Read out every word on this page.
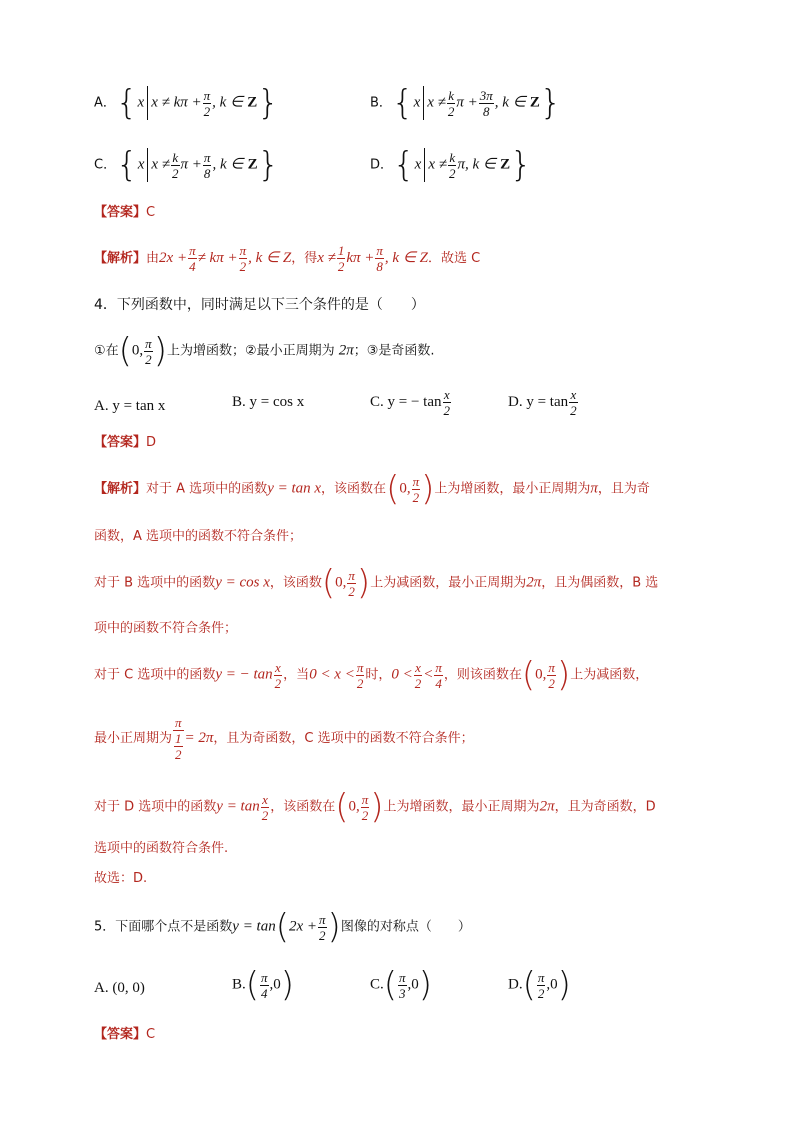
A．{x $x \ne k\pi + \frac{\pi}{2}$ , k ∈ Z}	B．{x $x \ne \frac{k}{2}$ $\pi + \frac{3\pi}{8}$ , k ∈ Z}
C．{x $x \ne \frac{k}{2}$ $\pi + \frac{\pi}{8}$ , k ∈ Z}	D．{x $x \ne \frac{k}{2} \pi$, k ∈ Z}
【答案】C
【解析】由$2x + \frac{\pi}{4} \ne k\pi + \frac{\pi}{2}$ , k ∈ Z，得$x \ne \frac{1}{2}$ $k\pi + \frac{\pi}{8}$ , k ∈ Z．故选 C
4．下列函数中，同时满足以下三个条件的是（　　）
①在(0, $\frac{\pi}{2}$ )上为增函数；②最小正周期为 2π；③是奇函数.
A. y = tan x	B. y = cos x	C. y = − $\tan \frac{x}{2}$	D. $y = \tan \frac{x}{2}$
【答案】D
【解析】对于 A 选项中的函数y = tan x，该函数在(0, $\frac{\pi}{2}$ )上为增函数，最小正周期为π，且为奇
函数，A 选项中的函数不符合条件；
对于 B 选项中的函数y = cos x，该函数(0, $\frac{\pi}{2}$ )上为减函数，最小正周期为2π，且为偶函数，B 选
项中的函数不符合条件；
对于 C 选项中的函数y = − $\tan \frac{x}{2}$ ，当$0 < x < \frac{\pi}{2}$ 时，$0 < \frac{x}{2} < \frac{\pi}{4}$ ，则该函数在(0, $\frac{\pi}{2}$ )上为减函数，
最小正周期为 $\frac{\pi}{\frac{1}{2}} = 2\pi$，且为奇函数，C 选项中的函数不符合条件；
对于 D 选项中的函数$y = \tan \frac{x}{2}$ ，该函数在(0, $\frac{\pi}{2}$ )上为增函数，最小正周期为2π，且为奇函数，D
选项中的函数符合条件.
故选：D.
5．下面哪个点不是函数$y = \tan(2x + \frac{\pi}{2}$ )图像的对称点（　　）
A. (0, 0)	$B.( \frac{\pi}{4} ,0)$	$C.( \frac{\pi}{3} ,0)$	$D.( \frac{\pi}{2} ,0)$
【答案】C
